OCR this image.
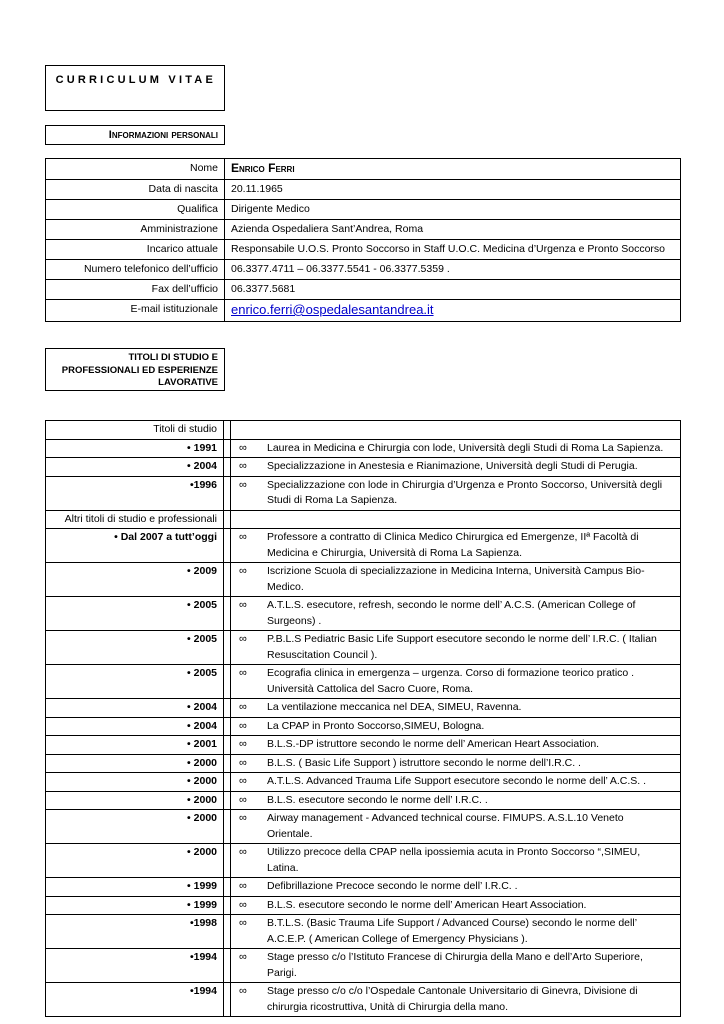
CURRICULUM VITAE
Informazioni personali
Nome	Enrico Ferri
Data di nascita	20.11.1965
Qualifica	Dirigente Medico
Amministrazione	Azienda Ospedaliera Sant’Andrea, Roma
Incarico attuale	Responsabile U.O.S. Pronto Soccorso in Staff U.O.C. Medicina d’Urgenza e Pronto Soccorso
Numero telefonico dell’ufficio	06.3377.4711 – 06.3377.5541 - 06.3377.5359 .
Fax dell’ufficio	06.3377.5681
E-mail istituzionale	enrico.ferri@ospedalesantandrea.it
TITOLI DI STUDIO E PROFESSIONALI ED ESPERIENZE LAVORATIVE
Titoli di studio		
• 1991		∞ Laurea in Medicina e Chirurgia con lode, Università degli Studi di Roma La Sapienza.
• 2004		∞ Specializzazione in Anestesia e Rianimazione, Università degli Studi di Perugia.
•1996		∞ Specializzazione con lode in Chirurgia d’Urgenza e Pronto Soccorso, Università degli Studi di Roma La Sapienza.
Altri titoli di studio e professionali		
• Dal 2007 a tutt’oggi		∞ Professore a contratto di Clinica Medico Chirurgica ed Emergenze, IIª Facoltà di Medicina e Chirurgia, Università di Roma La Sapienza.
• 2009		∞ Iscrizione Scuola di specializzazione in Medicina Interna, Università Campus Bio-Medico.
• 2005		∞ A.T.L.S. esecutore, refresh, secondo le norme dell’ A.C.S. (American College of Surgeons) .
• 2005		∞ P.B.L.S Pediatric Basic Life Support esecutore secondo le norme dell’ I.R.C. ( Italian Resuscitation Council ).
• 2005		∞ Ecografia clinica in emergenza – urgenza. Corso di formazione teorico pratico . Università Cattolica del Sacro Cuore, Roma.
• 2004		∞ La ventilazione meccanica nel DEA, SIMEU, Ravenna.
• 2004		∞ La CPAP in Pronto Soccorso,SIMEU, Bologna.
• 2001		∞ B.L.S.-DP istruttore secondo le norme dell’ American Heart Association.
• 2000		∞ B.L.S. ( Basic Life Support ) istruttore secondo le norme dell’I.R.C. .
• 2000		∞ A.T.L.S. Advanced Trauma Life Support esecutore secondo le norme dell’ A.C.S. .
• 2000		∞ B.L.S. esecutore secondo le norme dell’ I.R.C. .
• 2000		∞ Airway management - Advanced technical course. FIMUPS. A.S.L.10 Veneto Orientale.
• 2000		∞ Utilizzo precoce della CPAP nella ipossiemia acuta in Pronto Soccorso “,SIMEU, Latina.
• 1999		∞ Defibrillazione Precoce secondo le norme dell’ I.R.C. .
• 1999		∞ B.L.S. esecutore secondo le norme dell’ American Heart Association.
•1998		∞ B.T.L.S. (Basic Trauma Life Support / Advanced Course) secondo le norme dell’ A.C.E.P. ( American College of Emergency Physicians ).
•1994		∞ Stage presso c/o l’Istituto Francese di Chirurgia della Mano e dell’Arto Superiore, Parigi.
•1994		∞ Stage presso c/o c/o l’Ospedale Cantonale Universitario di Ginevra, Divisione di chirurgia ricostruttiva, Unità di Chirurgia della mano.
